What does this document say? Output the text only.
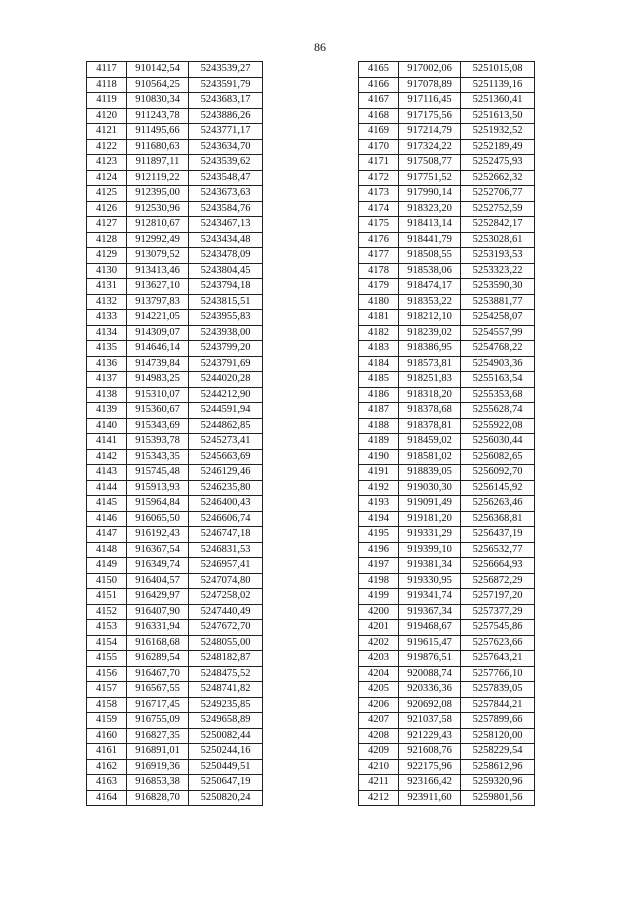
86
4117	910142,54	5243539,27
4118	910564,25	5243591,79
4119	910830,34	5243683,17
4120	911243,78	5243886,26
4121	911495,66	5243771,17
4122	911680,63	5243634,70
4123	911897,11	5243539,62
4124	912119,22	5243548,47
4125	912395,00	5243673,63
4126	912530,96	5243584,76
4127	912810,67	5243467,13
4128	912992,49	5243434,48
4129	913079,52	5243478,09
4130	913413,46	5243804,45
4131	913627,10	5243794,18
4132	913797,83	5243815,51
4133	914221,05	5243955,83
4134	914309,07	5243938,00
4135	914646,14	5243799,20
4136	914739,84	5243791,69
4137	914983,25	5244020,28
4138	915310,07	5244212,90
4139	915360,67	5244591,94
4140	915343,69	5244862,85
4141	915393,78	5245273,41
4142	915343,35	5245663,69
4143	915745,48	5246129,46
4144	915913,93	5246235,80
4145	915964,84	5246400,43
4146	916065,50	5246606,74
4147	916192,43	5246747,18
4148	916367,54	5246831,53
4149	916349,74	5246957,41
4150	916404,57	5247074,80
4151	916429,97	5247258,02
4152	916407,90	5247440,49
4153	916331,94	5247672,70
4154	916168,68	5248055,00
4155	916289,54	5248182,87
4156	916467,70	5248475,52
4157	916567,55	5248741,82
4158	916717,45	5249235,85
4159	916755,09	5249658,89
4160	916827,35	5250082,44
4161	916891,01	5250244,16
4162	916919,36	5250449,51
4163	916853,38	5250647,19
4164	916828,70	5250820,24
4165	917002,06	5251015,08
4166	917078,89	5251139,16
4167	917116,45	5251360,41
4168	917175,56	5251613,50
4169	917214,79	5251932,52
4170	917324,22	5252189,49
4171	917508,77	5252475,93
4172	917751,52	5252662,32
4173	917990,14	5252706,77
4174	918323,20	5252752,59
4175	918413,14	5252842,17
4176	918441,79	5253028,61
4177	918508,55	5253193,53
4178	918538,06	5253323,22
4179	918474,17	5253590,30
4180	918353,22	5253881,77
4181	918212,10	5254258,07
4182	918239,02	5254557,99
4183	918386,95	5254768,22
4184	918573,81	5254903,36
4185	918251,83	5255163,54
4186	918318,20	5255353,68
4187	918378,68	5255628,74
4188	918378,81	5255922,08
4189	918459,02	5256030,44
4190	918581,02	5256082,65
4191	918839,05	5256092,70
4192	919030,30	5256145,92
4193	919091,49	5256263,46
4194	919181,20	5256368,81
4195	919331,29	5256437,19
4196	919399,10	5256532,77
4197	919381,34	5256664,93
4198	919330,95	5256872,29
4199	919341,74	5257197,20
4200	919367,34	5257377,29
4201	919468,67	5257545,86
4202	919615,47	5257623,66
4203	919876,51	5257643,21
4204	920088,74	5257766,10
4205	920336,36	5257839,05
4206	920692,08	5257844,21
4207	921037,58	5257899,66
4208	921229,43	5258120,00
4209	921608,76	5258229,54
4210	922175,96	5258612,96
4211	923166,42	5259320,96
4212	923911,60	5259801,56
